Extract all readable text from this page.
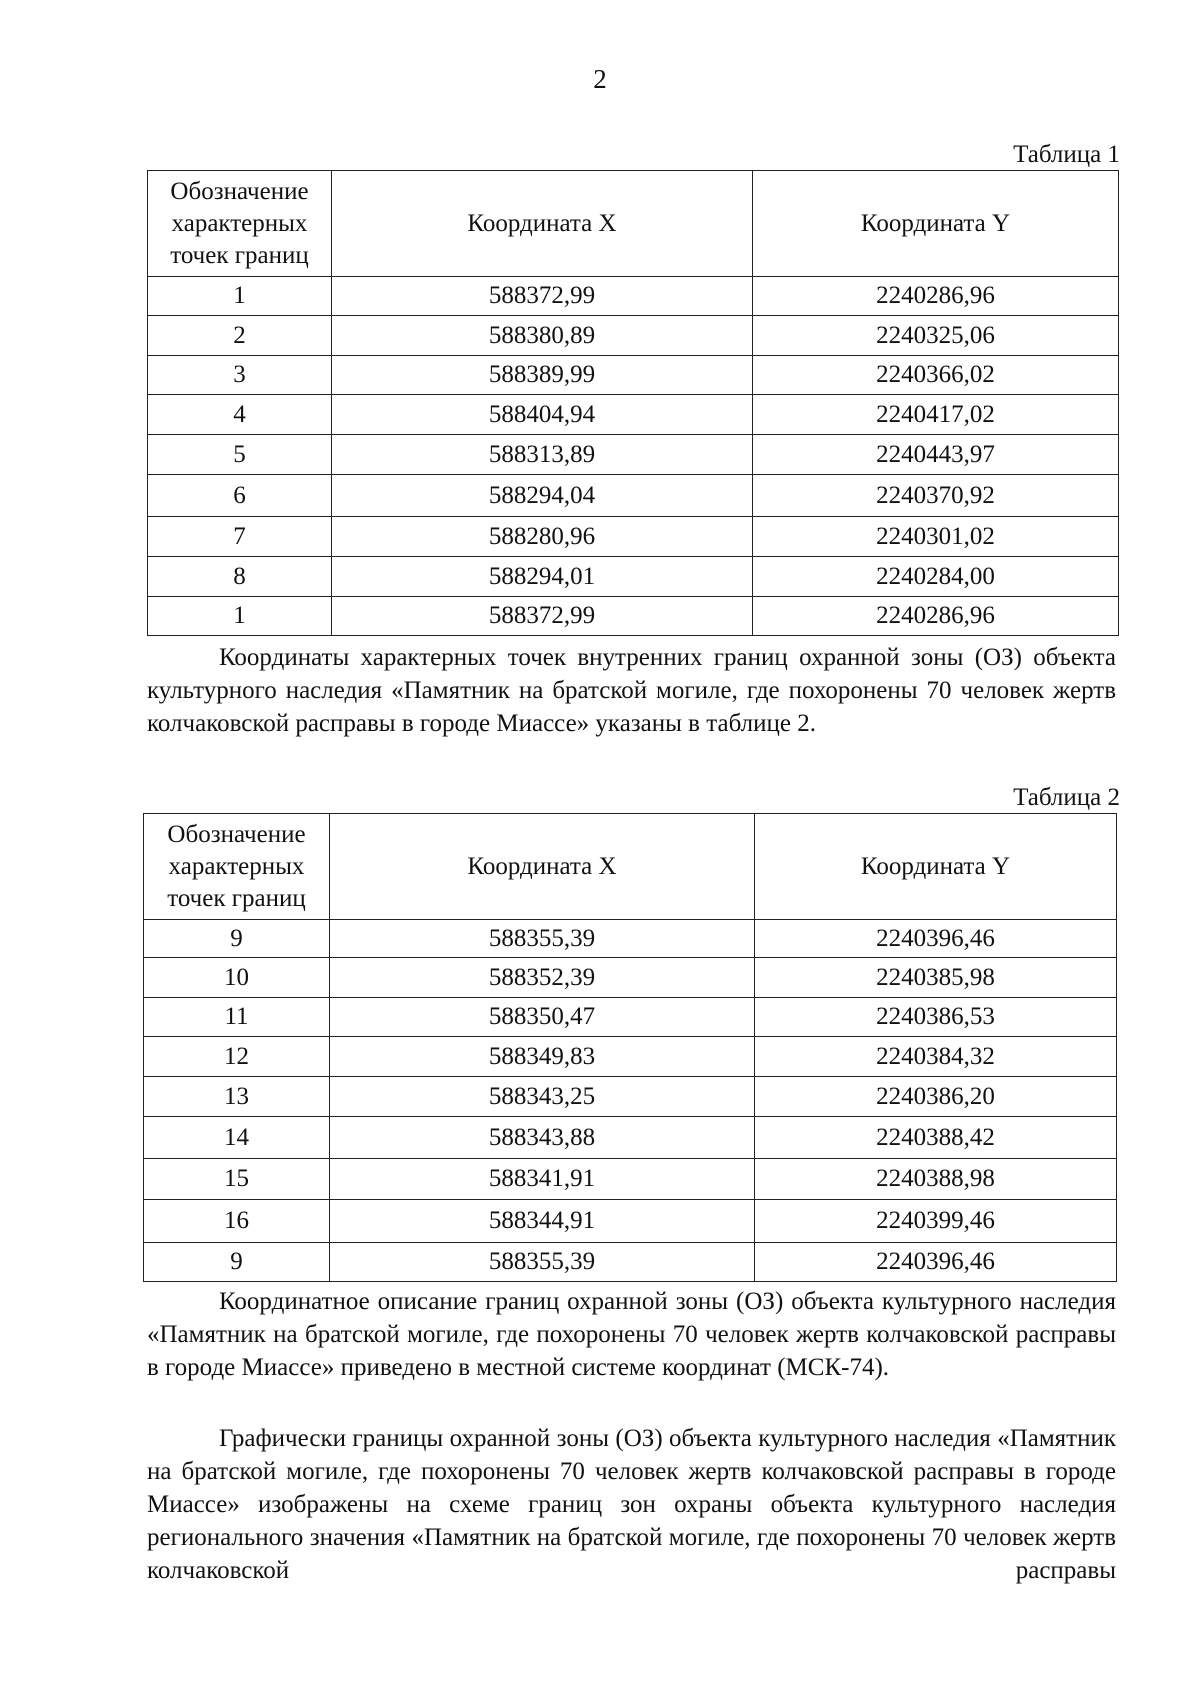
2
Таблица 1
Обозначение характерных точек границ	Координата X	Координата Y
1	588372,99	2240286,96
2	588380,89	2240325,06
3	588389,99	2240366,02
4	588404,94	2240417,02
5	588313,89	2240443,97
6	588294,04	2240370,92
7	588280,96	2240301,02
8	588294,01	2240284,00
1	588372,99	2240286,96

Координаты характерных точек внутренних границ охранной зоны (ОЗ) объекта культурного наследия «Памятник на братской могиле, где похоронены 70 человек жертв колчаковской расправы в городе Миассе» указаны в таблице 2.

Таблица 2
Обозначение характерных точек границ	Координата X	Координата Y
9	588355,39	2240396,46
10	588352,39	2240385,98
11	588350,47	2240386,53
12	588349,83	2240384,32
13	588343,25	2240386,20
14	588343,88	2240388,42
15	588341,91	2240388,98
16	588344,91	2240399,46
9	588355,39	2240396,46

Координатное описание границ охранной зоны (ОЗ) объекта культурного наследия «Памятник на братской могиле, где похоронены 70 человек жертв колчаковской расправы в городе Миассе» приведено в местной системе координат (МСК-74).

Графически границы охранной зоны (ОЗ) объекта культурного наследия «Памятник на братской могиле, где похоронены 70 человек жертв колчаковской расправы в городе Миассе» изображены на схеме границ зон охраны объекта культурного наследия регионального значения «Памятник на братской могиле, где похоронены 70 человек жертв колчаковской расправы
